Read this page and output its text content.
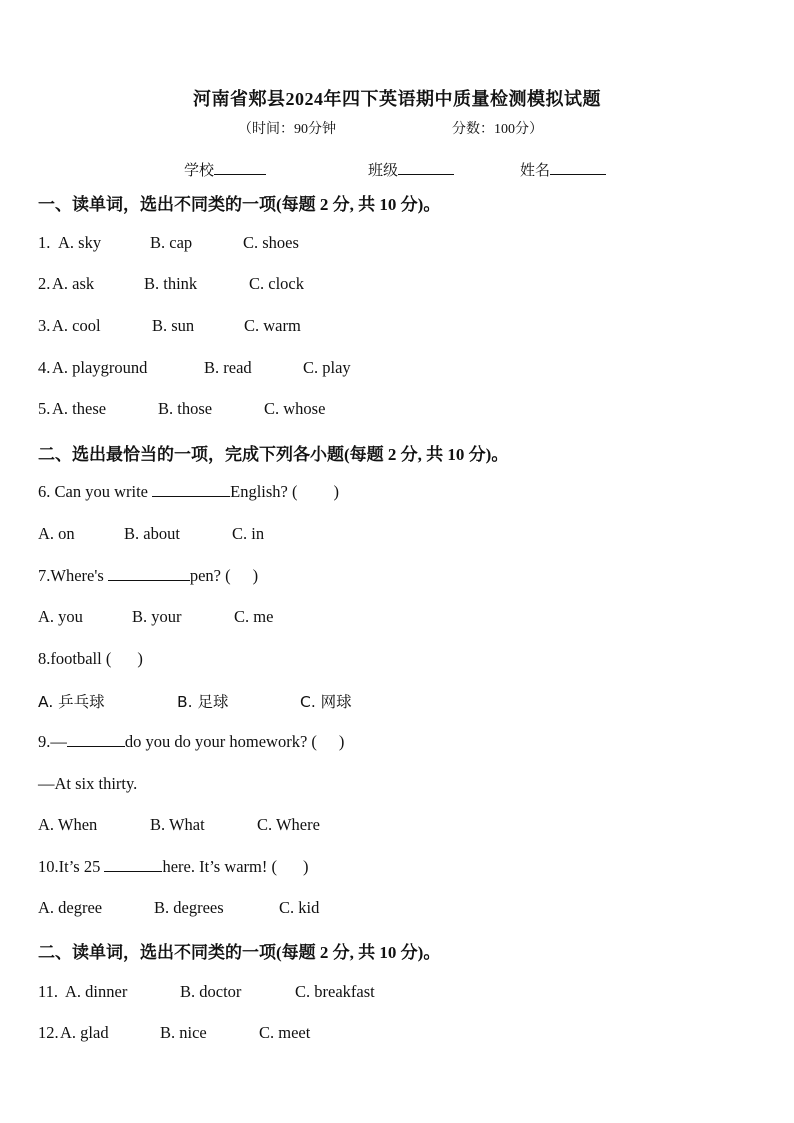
河南省郏县2024年四下英语期中质量检测模拟试题
（时间：90分钟	分数：100分）
学校	班级	姓名
一、读单词，选出不同类的一项(每题 2 分, 共 10 分)。
1. A. sky	B. cap	C. shoes
2. A. ask	B. think	C. clock
3. A. cool	B. sun	C. warm
4. A. playground	B. read	C. play
5. A. these	B. those	C. whose
二、选出最恰当的一项，完成下列各小题(每题 2 分, 共 10 分)。
6. Can you write	English? ( )
A. on	B. about	C. in
7.Where's	pen? ( )
A. you	B. your	C. me
8.football ( )
A. 乒乓球	B. 足球	C. 网球
9.—	do you do your homework? ( )
—At six thirty.
A. When	B. What	C. Where
10.It’s 25	here. It’s warm! ( )
A. degree	B. degrees	C. kid
二、读单词，选出不同类的一项(每题 2 分, 共 10 分)。
11. A. dinner	B. doctor	C. breakfast
12. A. glad	B. nice	C. meet
